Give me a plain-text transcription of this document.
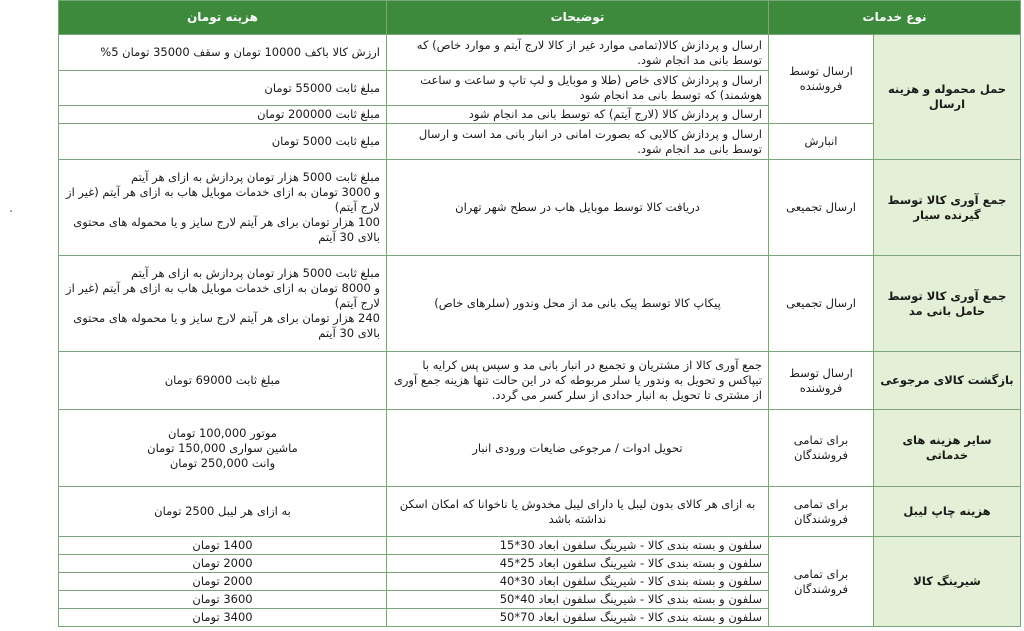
نوع خدمات		توضیحات	هزینه تومان
حمل محموله و هزینه ارسال	ارسال توسط فروشنده	ارسال و پردازش کالا(تمامی موارد غیر از کالا لارج آیتم و موارد خاص) که توسط بانی مد انجام شود.	ارزش کالا باکف 10000 تومان و سقف 35000 تومان 5%
		ارسال و پردازش کالای خاص (طلا و موبایل و لپ تاپ و ساعت و ساعت هوشمند) که توسط بانی مد انجام شود	مبلغ ثابت 55000 تومان
		ارسال و پردازش کالا (لارج آیتم) که توسط بانی مد انجام شود	مبلغ ثابت 200000 تومان
	انبارش	ارسال و پردازش کالایی که بصورت امانی در انبار بانی مد است و ارسال توسط بانی مد انجام شود.	مبلغ ثابت 5000 تومان
جمع آوری کالا توسط گیرنده سیار	ارسال تجمیعی	دریافت کالا توسط موبایل هاب در سطح شهر تهران	مبلغ ثابت 5000 هزار تومان پردازش به ازای هر آیتم
و 3000 تومان به ازای خدمات موبایل هاب به ازای هر آیتم (غیر از لارج آیتم)
100 هزار تومان برای هر آیتم لارج سایز و یا محموله های محتوی بالای 30 آیتم

جمع آوری کالا توسط حامل بانی مد	ارسال تجمیعی	پیکاپ کالا توسط پیک بانی مد از محل وندور (سلرهای خاص)	مبلغ ثابت 5000 هزار تومان پردازش به ازای هر آیتم
و 8000 تومان به ازای خدمات موبایل هاب به ازای هر آیتم (غیر از لارج آیتم)
240 هزار تومان برای هر آیتم لارج سایز و یا محموله های محتوی بالای 30 آیتم

بازگشت کالای مرجوعی	ارسال توسط فروشنده	جمع آوری کالا از مشتریان و تجمیع در انبار بانی مد و سپس پس کرایه با تیپاکس و تحویل به وندور یا سلر مربوطه که در این حالت تنها هزینه جمع آوری از مشتری تا تحویل به انبار حدادی از سلر کسر می گردد.	مبلغ ثابت 69000 تومان
سایر هزینه های خدماتی	برای تمامی فروشندگان	تحویل ادوات / مرجوعی ضایعات ورودی انبار	موتور 100,000 تومان
ماشین سواری 150,000 تومان
وانت 250,000 تومان

هزینه چاپ لیبل	برای تمامی فروشندگان	به ازای هر کالای بدون لیبل یا دارای لیبل مخدوش یا ناخوانا که امکان اسکن نداشته باشد	به ازای هر لیبل 2500 تومان
شیرینگ کالا	برای تمامی فروشندگان	سلفون و بسته بندی کالا - شیرینگ سلفون ابعاد 30*15	1400 تومان
		سلفون و بسته بندی کالا - شیرینگ سلفون ابعاد 25*45	2000 تومان
		سلفون و بسته بندی کالا - شیرینگ سلفون ابعاد 30*40	2000 تومان
		سلفون و بسته بندی کالا - شیرینگ سلفون ابعاد 40*50	3600 تومان
		سلفون و بسته بندی کالا - شیرینگ سلفون ابعاد 70*50	3400 تومان
